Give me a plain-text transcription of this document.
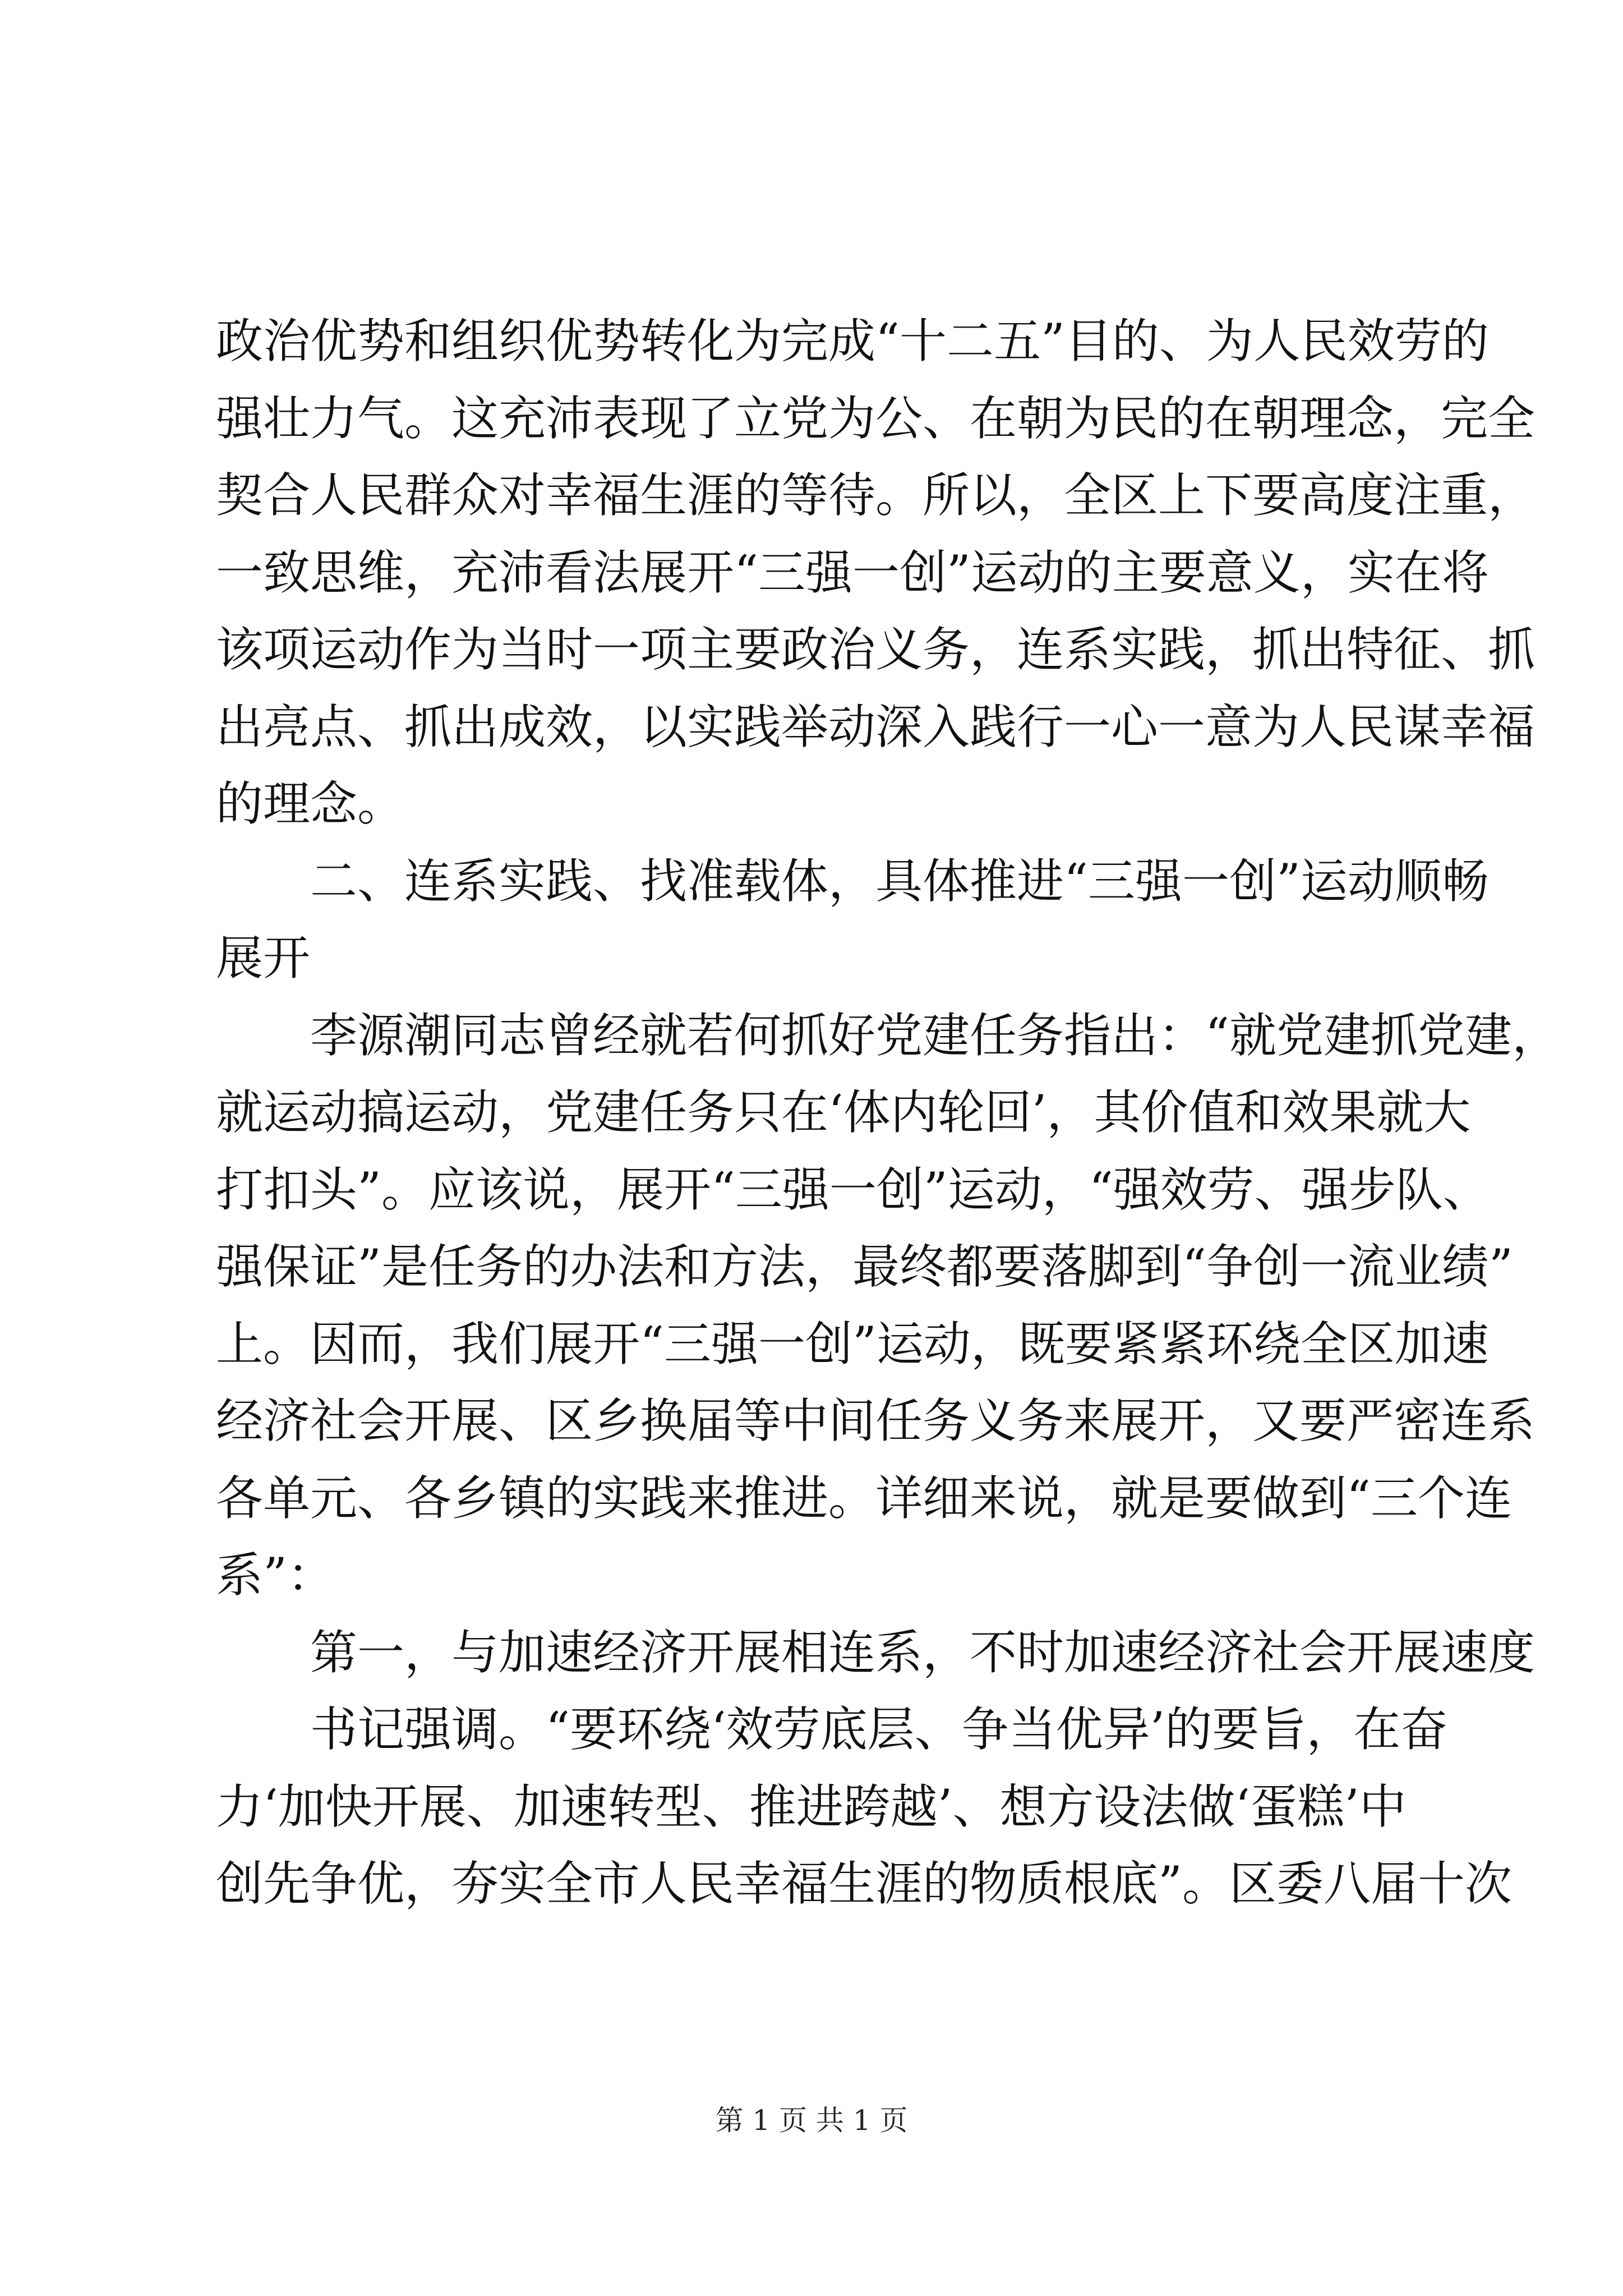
政治优势和组织优势转化为完成“十二五”目的、为人民效劳的
强壮力气。这充沛表现了立党为公、在朝为民的在朝理念，完全
契合人民群众对幸福生涯的等待。所以，全区上下要高度注重，
一致思维，充沛看法展开“三强一创”运动的主要意义，实在将
该项运动作为当时一项主要政治义务，连系实践，抓出特征、抓
出亮点、抓出成效，以实践举动深入践行一心一意为人民谋幸福
的理念。
二、连系实践、找准载体，具体推进“三强一创”运动顺畅
展开
李源潮同志曾经就若何抓好党建任务指出：“就党建抓党建，
就运动搞运动，党建任务只在‘体内轮回’，其价值和效果就大
打扣头”。应该说，展开“三强一创”运动，“强效劳、强步队、
强保证”是任务的办法和方法，最终都要落脚到“争创一流业绩”
上。因而，我们展开“三强一创”运动，既要紧紧环绕全区加速
经济社会开展、区乡换届等中间任务义务来展开，又要严密连系
各单元、各乡镇的实践来推进。详细来说，就是要做到“三个连
系”：
第一，与加速经济开展相连系，不时加速经济社会开展速度
书记强调。“要环绕‘效劳底层、争当优异’的要旨，在奋
力‘加快开展、加速转型、推进跨越’、想方设法做‘蛋糕’中
创先争优，夯实全市人民幸福生涯的物质根底”。区委八届十次
第 1 页 共 1 页
